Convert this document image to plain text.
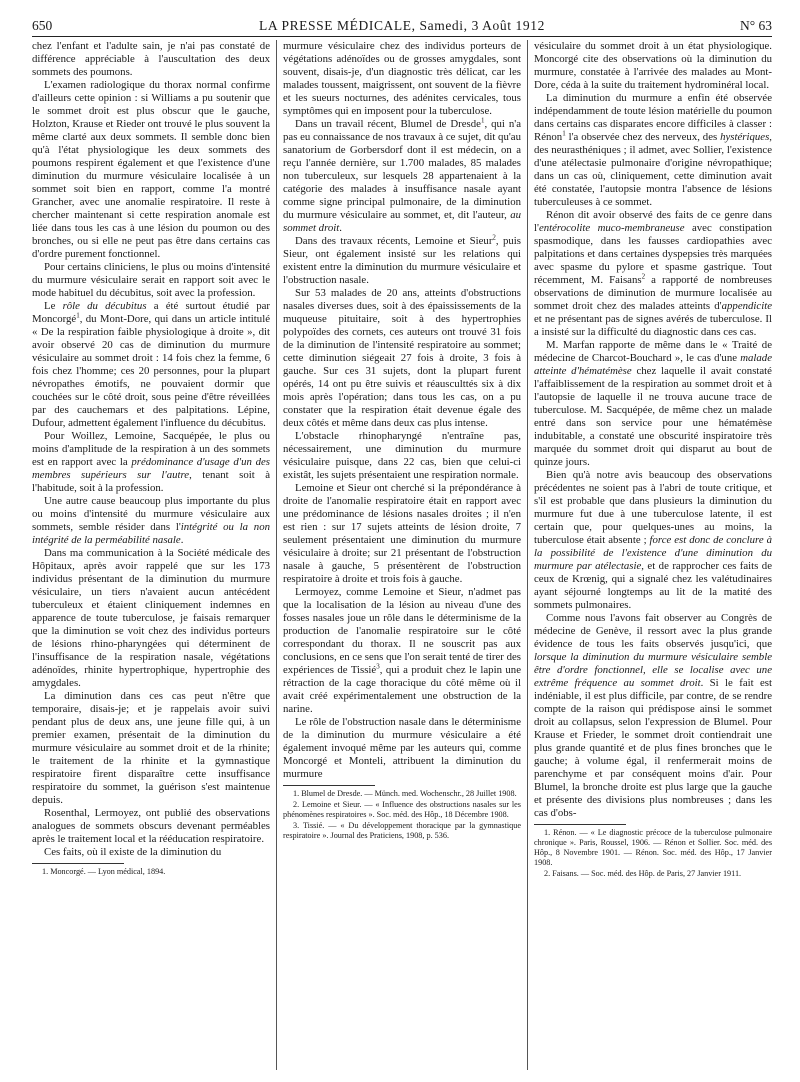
650	LA PRESSE MÉDICALE, Samedi, 3 Août 1912	N° 63

chez l'enfant et l'adulte sain, je n'ai pas constaté de différence appréciable à l'auscultation des deux sommets des poumons.

L'examen radiologique du thorax normal confirme d'ailleurs cette opinion : si Williams a pu soutenir que le sommet droit est plus obscur que le gauche, Holzton, Krause et Rieder ont trouvé le plus souvent la même clarté aux deux sommets. Il semble donc bien qu'à l'état physiologique les deux sommets des poumons respirent également et que l'existence d'une diminution du murmure vésiculaire localisée à un sommet soit bien en rapport, comme l'a montré Grancher, avec une anomalie respiratoire. Il reste à chercher maintenant si cette respiration anomale est liée dans tous les cas à une lésion du poumon ou des bronches, ou si elle ne peut pas être dans certains cas d'ordre purement fonctionnel.

Pour certains cliniciens, le plus ou moins d'intensité du murmure vésiculaire serait en rapport soit avec le mode habituel du décubitus, soit avec la profession.

Le rôle du décubitus a été surtout étudié par Moncorgé$^1$, du Mont-Dore, qui dans un article intitulé « De la respiration faible physiologique à droite », dit avoir observé 20 cas de diminution du murmure vésiculaire au sommet droit : 14 fois chez la femme, 6 fois chez l'homme; ces 20 personnes, pour la plupart névropathes émotifs, ne pouvaient dormir que couchées sur le côté droit, sous peine d'être réveillées par des cauchemars et des palpitations. Lépine, Dufour, admettent également l'influence du décubitus.

Pour Woillez, Lemoine, Sacquépée, le plus ou moins d'amplitude de la respiration à un des sommets est en rapport avec la prédominance d'usage d'un des membres supérieurs sur l'autre, tenant soit à l'habitude, soit à la profession.

Une autre cause beaucoup plus importante du plus ou moins d'intensité du murmure vésiculaire aux sommets, semble résider dans l'intégrité ou la non intégrité de la perméabilité nasale.

Dans ma communication à la Société médicale des Hôpitaux, après avoir rappelé que sur les 173 individus présentant de la diminution du murmure vésiculaire, un tiers n'avaient aucun antécédent tuberculeux et étaient cliniquement indemnes en apparence de toute tuberculose, je faisais remarquer que la diminution se voit chez des individus porteurs de lésions rhino-pharyngées qui déterminent de l'insuffisance de la respiration nasale, végétations adénoïdes, rhinite hypertrophique, hypertrophie des amygdales.

La diminution dans ces cas peut n'être que temporaire, disais-je; et je rappelais avoir suivi pendant plus de deux ans, une jeune fille qui, à un premier examen, présentait de la diminution du murmure vésiculaire au sommet droit et de la rhinite; le traitement de la rhinite et la gymnastique respiratoire firent disparaître cette insuffisance respiratoire du sommet, la guérison s'est maintenue depuis.

Rosenthal, Lermoyez, ont publié des observations analogues de sommets obscurs devenant perméables après le traitement local et la rééducation respiratoire.

Ces faits, où il existe de la diminution du

1. Moncorgé. — Lyon médical, 1894.

murmure vésiculaire chez des individus porteurs de végétations adénoïdes ou de grosses amygdales, sont souvent, disais-je, d'un diagnostic très délicat, car les malades toussent, maigrissent, ont souvent de la fièvre et les sueurs nocturnes, des adénites cervicales, tous symptômes qui en imposent pour la tuberculose.

Dans un travail récent, Blumel de Dresde$^1$, qui n'a pas eu connaissance de nos travaux à ce sujet, dit qu'au sanatorium de Gorbersdorf dont il est médecin, on a reçu l'année dernière, sur 1.700 malades, 85 malades non tuberculeux, sur lesquels 28 appartenaient à la catégorie des malades à insuffisance nasale ayant comme signe principal pulmonaire, de la diminution du murmure vésiculaire au sommet, et, dit l'auteur, au sommet droit.

Dans des travaux récents, Lemoine et Sieur$^2$, puis Sieur, ont également insisté sur les relations qui existent entre la diminution du murmure vésiculaire et l'obstruction nasale.

Sur 53 malades de 20 ans, atteints d'obstructions nasales diverses dues, soit à des épaississements de la muqueuse pituitaire, soit à des hypertrophies polypoïdes des cornets, ces auteurs ont trouvé 31 fois de la diminution de l'intensité respiratoire au sommet; cette diminution siégeait 27 fois à droite, 3 fois à gauche. Sur ces 31 sujets, dont la plupart furent opérés, 14 ont pu être suivis et réausculttés six à dix mois après l'opération; dans tous les cas, on a pu constater que la respiration était devenue égale des deux côtés et même dans deux cas plus intense.

L'obstacle rhinopharyngé n'entraîne pas, nécessairement, une diminution du murmure vésiculaire puisque, dans 22 cas, bien que celui-ci existât, les sujets présentaient une respiration normale.

Lemoine et Sieur ont cherché si la prépondérance à droite de l'anomalie respiratoire était en rapport avec une prédominance de lésions nasales droites ; il n'en est rien : sur 17 sujets atteints de lésion droite, 7 seulement présentaient une diminution du murmure vésiculaire à droite; sur 21 présentant de l'obstruction nasale à gauche, 5 présentèrent de l'obstruction respiratoire à droite et trois fois à gauche.

Lermoyez, comme Lemoine et Sieur, n'admet pas que la localisation de la lésion au niveau d'une des fosses nasales joue un rôle dans le déterminisme de la production de l'anomalie respiratoire sur le côté correspondant du thorax. Il ne souscrit pas aux conclusions, en ce sens que l'on serait tenté de tirer des expériences de Tissié$^3$, qui a produit chez le lapin une rétraction de la cage thoracique du côté même où il avait créé expérimentalement une obstruction de la narine.

Le rôle de l'obstruction nasale dans le déterminisme de la diminution du murmure vésiculaire a été également invoqué même par les auteurs qui, comme Moncorgé et Monteli, attribuent la diminution du murmure

1. Blumel de Dresde. — Münch. med. Wochenschr., 28 Juillet 1908.

2. Lemoine et Sieur. — « Influence des obstructions nasales sur les phénomènes respiratoires ». Soc. méd. des Hôp., 18 Décembre 1908.

3. Tissié. — « Du développement thoracique par la gymnastique respiratoire ». Journal des Praticiens, 1908, p. 536.

vésiculaire du sommet droit à un état physiologique. Moncorgé cite des observations où la diminution du murmure, constatée à l'arrivée des malades au Mont-Dore, céda à la suite du traitement hydrominéral local.

La diminution du murmure a enfin été observée indépendamment de toute lésion matérielle du poumon dans certains cas disparates encore difficiles à classer : Rénon$^1$ l'a observée chez des nerveux, des hystériques, des neurasthéniques ; il admet, avec Sollier, l'existence d'une atélectasie pulmonaire d'origine névropathique; dans un cas où, cliniquement, cette diminution avait été constatée, l'autopsie montra l'absence de lésions tuberculeuses à ce sommet.

Rénon dit avoir observé des faits de ce genre dans l'entérocolite muco-membraneuse avec constipation spasmodique, dans les fausses cardiopathies avec palpitations et dans certaines dyspepsies très marquées avec spasme du pylore et spasme gastrique. Tout récemment, M. Faisans$^2$ a rapporté de nombreuses observations de diminution de murmure localisée au sommet droit chez des malades atteints d'appendicite et ne présentant pas de signes avérés de tuberculose. Il a insisté sur la difficulté du diagnostic dans ces cas.

M. Marfan rapporte de même dans le « Traité de médecine de Charcot-Bouchard », le cas d'une malade atteinte d'hématémèse chez laquelle il avait constaté l'affaiblissement de la respiration au sommet droit et à l'autopsie de laquelle il ne trouva aucune trace de tuberculose. M. Sacquépée, de même chez un malade entré dans son service pour une hématémèse indubitable, a constaté une obscurité inspiratoire très marquée du sommet droit qui disparut au bout de quinze jours.

Bien qu'à notre avis beaucoup des observations précédentes ne soient pas à l'abri de toute critique, et s'il est probable que dans plusieurs la diminution du murmure fut due à une tuberculose latente, il est certain que, pour quelques-unes au moins, la tuberculose était absente ; force est donc de conclure à la possibilité de l'existence d'une diminution du murmure par atélectasie, et de rapprocher ces faits de ceux de Krœnig, qui a signalé chez les valétudinaires ayant séjourné longtemps au lit de la matité des sommets pulmonaires.

Comme nous l'avons fait observer au Congrès de médecine de Genève, il ressort avec la plus grande évidence de tous les faits observés jusqu'ici, que lorsque la diminution du murmure vésiculaire semble être d'ordre fonctionnel, elle se localise avec une extrême fréquence au sommet droit. Si le fait est indéniable, il est plus difficile, par contre, de se rendre compte de la raison qui prédispose ainsi le sommet droit au collapsus, selon l'expression de Blumel. Pour Krause et Frieder, le sommet droit contiendrait une plus grande quantité et de plus fines bronches que le gauche; à volume égal, il renfermerait moins de parenchyme et par conséquent moins d'air. Pour Blumel, la bronche droite est plus large que la gauche et présente des divisions plus nombreuses ; dans les cas d'obs-

1. Rénon. — « Le diagnostic précoce de la tuberculose pulmonaire chronique ». Paris, Roussel, 1906. — Rénon et Sollier. Soc. méd. des Hôp., 8 Novembre 1901. — Rénon. Soc. méd. des Hôp., 17 Janvier 1908.

2. Faisans. — Soc. méd. des Hôp. de Paris, 27 Janvier 1911.
